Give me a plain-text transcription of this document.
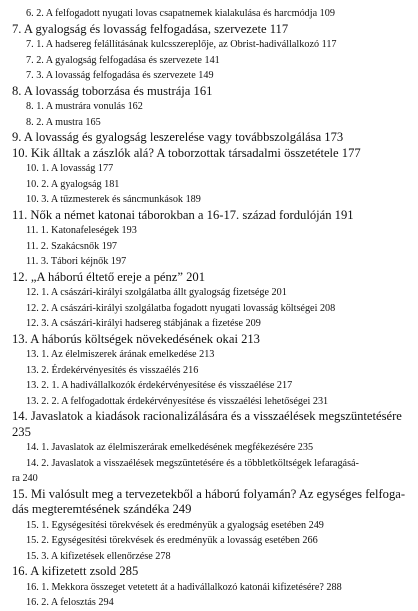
6. 2. A felfogadott nyugati lovas csapatnemek kialakulása és harcmódja 109
7. A gyalogság és lovasság felfogadása, szervezete 117
7. 1. A hadsereg felállításának kulcsszereplője, az Obrist-hadivállalkozó 117
7. 2. A gyalogság felfogadása és szervezete 141
7. 3. A lovasság felfogadása és szervezete 149
8. A lovasság toborzása és mustrája 161
8. 1. A mustrára vonulás 162
8. 2. A mustra 165
9. A lovasság és gyalogság leszerelése vagy továbbszolgálása 173
10. Kik álltak a zászlók alá? A toborzottak társadalmi összetétele 177
10. 1. A lovasság 177
10. 2. A gyalogság 181
10. 3. A tűzmesterek és sáncmunkások 189
11. Nők a német katonai táborokban a 16-17. század fordulóján 191
11. 1. Katonafeleségek 193
11. 2. Szakácsnők 197
11. 3. Tábori kéjnők 197
12. „A háború éltető ereje a pénz” 201
12. 1. A császári-királyi szolgálatba állt gyalogság fizetsége 201
12. 2. A császári-királyi szolgálatba fogadott nyugati lovasság költségei 208
12. 3. A császári-királyi hadsereg stábjának a fizetése 209
13. A háborús költségek növekedésének okai 213
13. 1. Az élelmiszerek árának emelkedése 213
13. 2. Érdekérvényesítés és visszaélés 216
13. 2. 1. A hadivállalkozók érdekérvényesítése és visszaélése 217
13. 2. 2. A felfogadottak érdekérvényesítése és visszaélési lehetőségei 231
14. Javaslatok a kiadások racionalizálására és a visszaélések megszüntetésére
235
14. 1. Javaslatok az élelmiszerárak emelkedésének megfékezésére 235
14. 2. Javaslatok a visszaélések megszüntetésére és a többletköltségek lefaragásá-
ra 240
15. Mi valósult meg a tervezetekből a háború folyamán? Az egységes felfoga-
dás megteremtésének szándéka 249
15. 1. Egységesítési törekvések és eredményük a gyalogság esetében 249
15. 2. Egységesítési törekvések és eredményük a lovasság esetében 266
15. 3. A kifizetések ellenőrzése 278
16. A kifizetett zsold 285
16. 1. Mekkora összeget vetetett át a hadivállalkozó katonái kifizetésére? 288
16. 2. A felosztás 294
